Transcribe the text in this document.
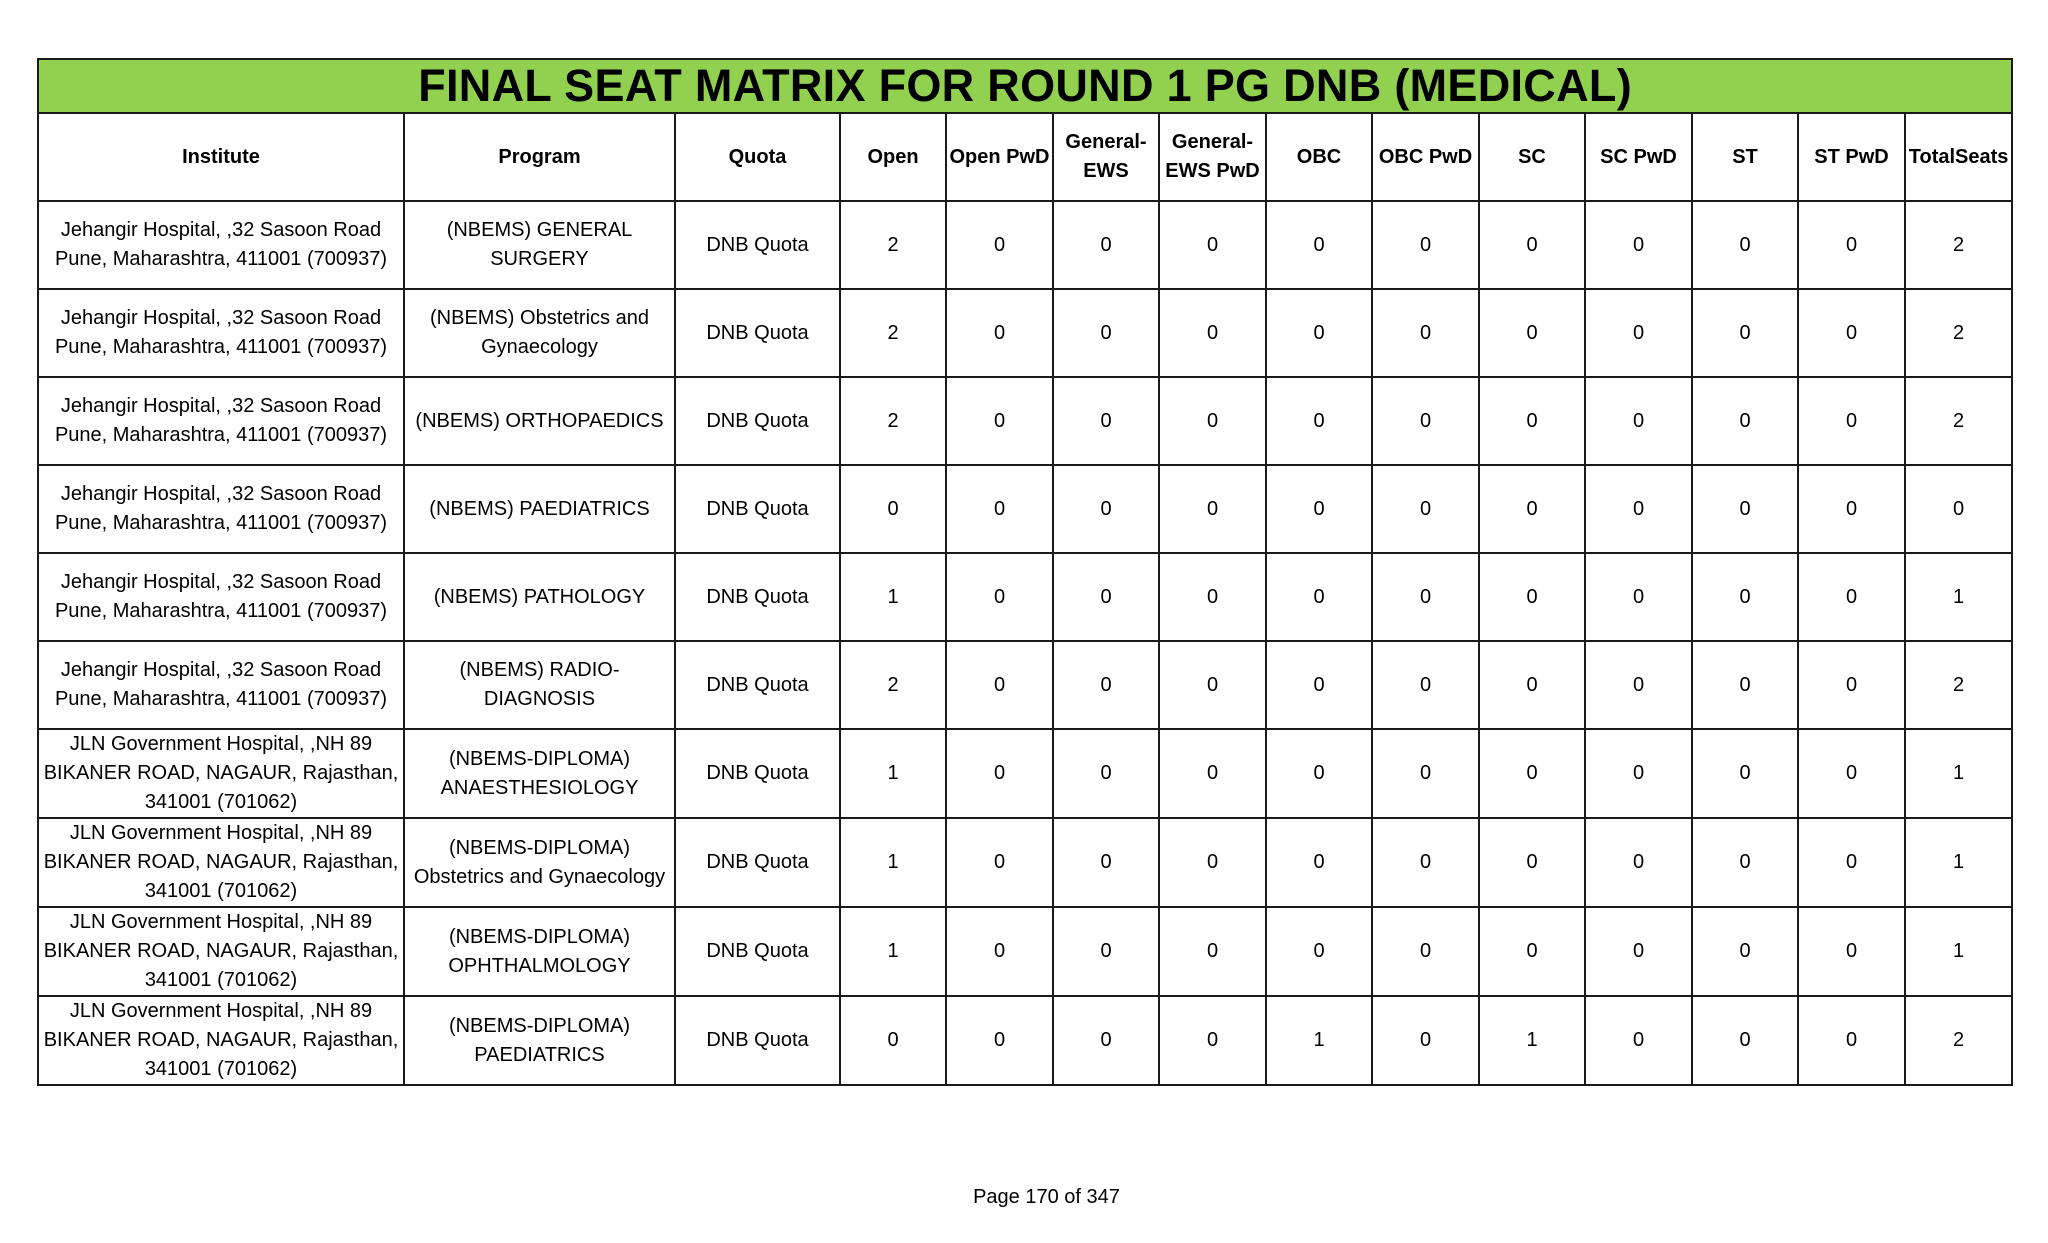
FINAL SEAT MATRIX FOR ROUND 1 PG DNB (MEDICAL)													
Institute	Program	Quota	Open	Open PwD	General-EWS	General-EWS PwD	OBC	OBC PwD	SC	SC PwD	ST	ST PwD	TotalSeats
Jehangir Hospital, ,32 Sasoon Road Pune, Maharashtra, 411001 (700937)	(NBEMS) GENERAL SURGERY	DNB Quota	2	0	0	0	0	0	0	0	0	0	2
Jehangir Hospital, ,32 Sasoon Road Pune, Maharashtra, 411001 (700937)	(NBEMS) Obstetrics and Gynaecology	DNB Quota	2	0	0	0	0	0	0	0	0	0	2
Jehangir Hospital, ,32 Sasoon Road Pune, Maharashtra, 411001 (700937)	(NBEMS) ORTHOPAEDICS	DNB Quota	2	0	0	0	0	0	0	0	0	0	2
Jehangir Hospital, ,32 Sasoon Road Pune, Maharashtra, 411001 (700937)	(NBEMS) PAEDIATRICS	DNB Quota	0	0	0	0	0	0	0	0	0	0	0
Jehangir Hospital, ,32 Sasoon Road Pune, Maharashtra, 411001 (700937)	(NBEMS) PATHOLOGY	DNB Quota	1	0	0	0	0	0	0	0	0	0	1
Jehangir Hospital, ,32 Sasoon Road Pune, Maharashtra, 411001 (700937)	(NBEMS) RADIO-DIAGNOSIS	DNB Quota	2	0	0	0	0	0	0	0	0	0	2
JLN Government Hospital, ,NH 89 BIKANER ROAD, NAGAUR, Rajasthan, 341001 (701062)	(NBEMS-DIPLOMA) ANAESTHESIOLOGY	DNB Quota	1	0	0	0	0	0	0	0	0	0	1
JLN Government Hospital, ,NH 89 BIKANER ROAD, NAGAUR, Rajasthan, 341001 (701062)	(NBEMS-DIPLOMA) Obstetrics and Gynaecology	DNB Quota	1	0	0	0	0	0	0	0	0	0	1
JLN Government Hospital, ,NH 89 BIKANER ROAD, NAGAUR, Rajasthan, 341001 (701062)	(NBEMS-DIPLOMA) OPHTHALMOLOGY	DNB Quota	1	0	0	0	0	0	0	0	0	0	1
JLN Government Hospital, ,NH 89 BIKANER ROAD, NAGAUR, Rajasthan, 341001 (701062)	(NBEMS-DIPLOMA) PAEDIATRICS	DNB Quota	0	0	0	0	1	0	1	0	0	0	2
Page 170 of 347
